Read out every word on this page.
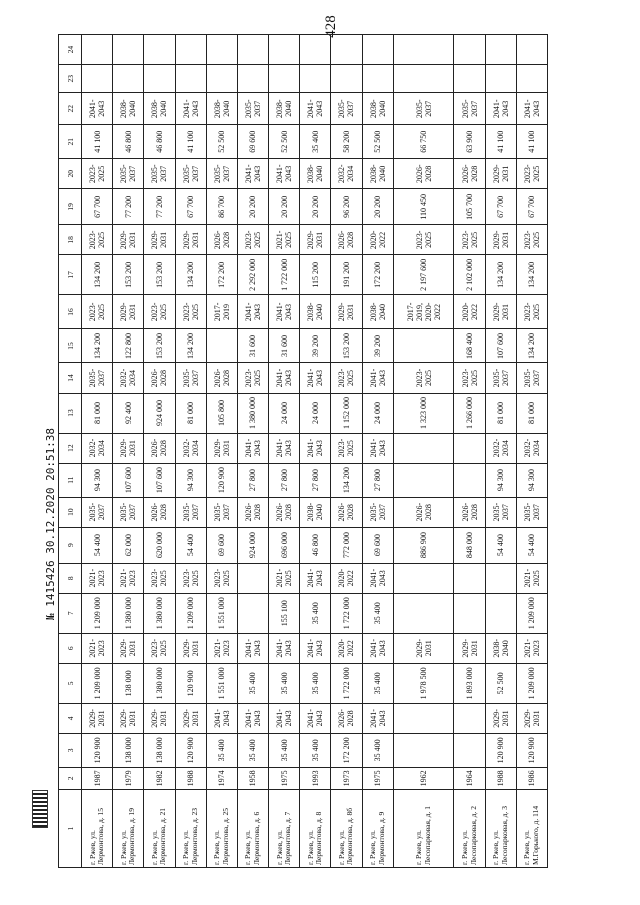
428
1	2	3	4	5	6	7	8	9	10	11	12	13	14	15	16	17	18	19	20	21	22	23	24
г. Ржев, ул. Лермонтова, д. 15	1987	120 900	2029-2031	1 209 000	2021-2023	1 209 000	2021-2023	54 400	2035-2037	94 300	2032-2034	81 000	2035-2037	134 200	2023-2025	134 200	2023-2025	67 700	2023-2025	41 100	2041-2043		
г. Ржев, ул. Лермонтова, д. 19	1979	138 000	2029-2031	138 000	2029-2031	1 380 000	2021-2023	62 000	2035-2037	107 600	2029-2031	92 400	2032-2034	122 800	2029-2031	153 200	2029-2031	77 200	2035-2037	46 800	2038-2040		
г. Ржев, ул. Лермонтова, д. 21	1982	138 000	2029-2031	1 380 000	2023-2025	1 380 000	2023-2025	620 000	2026-2028	107 600	2026-2028	924 000	2026-2028	153 200	2023-2025	153 200	2029-2031	77 200	2035-2037	46 800	2038-2040		
г. Ржев, ул. Лермонтова, д. 23	1988	120 900	2029-2031	120 900	2029-2031	1 209 000	2023-2025	54 400	2035-2037	94 300	2032-2034	81 000	2035-2037	134 200	2023-2025	134 200	2029-2031	67 700	2035-2037	41 100	2041-2043		
г. Ржев, ул. Лермонтова, д. 25	1974	35 400	2041-2043	1 551 000	2021-2023	1 551 000	2023-2025	69 600	2035-2037	120 900	2029-2031	105 800	2026-2028		2017-2019	172 200	2026-2028	86 700	2035-2037	52 500	2038-2040		
г. Ржев, ул. Лермонтова, д. 6	1958	35 400	2041-2043	35 400	2041-2043			924 000	2026-2028	27 800	2041-2043	1 380 000	2023-2025	31 600	2041-2043	2 292 000	2023-2025	20 200	2041-2043	69 600	2035-2037		
г. Ржев, ул. Лермонтова, д. 7	1975	35 400	2041-2043	35 400	2041-2043	155 100	2021-2025	696 000	2026-2028	27 800	2041-2043	24 000	2041-2043	31 600	2041-2043	1 722 000	2021-2025	20 200	2041-2043	52 500	2038-2040		
г. Ржев, ул. Лермонтова, д. 8	1993	35 400	2041-2043	35 400	2041-2043	35 400	2041-2043	46 800	2038-2040	27 800	2041-2043	24 000	2041-2043	39 200	2038-2040	115 200	2029-2031	20 200	2038-2040	35 400	2041-2043		
г. Ржев, ул. Лермонтова, д. 8б	1973	172 200	2026-2028	1 722 000	2020-2022	1 722 000	2020-2022	772 000	2026-2028	134 200	2023-2025	1 152 000	2023-2025	153 200	2029-2031	191 200	2026-2028	96 200	2032-2034	58 200	2035-2037		
г. Ржев, ул. Лермонтова, д. 9	1975	35 400	2041-2043	35 400	2041-2043	35 400	2041-2043	69 600	2035-2037	27 800	2041-2043	24 000	2041-2043	39 200	2038-2040	172 200	2020-2022	20 200	2038-2040	52 500	2038-2040		
г. Ржев, ул. Лесопарковая, д. 1	1962			1 978 500	2029-2031			886 900	2026-2028			1 323 000	2023-2025		2017-2019, 2020-2022	2 197 600	2023-2025	110 450	2026-2028	66 750	2035-2037		
г. Ржев, ул. Лесопарковая, д. 2	1964			1 893 000	2029-2031			848 000	2026-2028			1 266 000	2023-2025	168 400	2020-2022	2 102 000	2023-2025	105 700	2026-2028	63 900	2035-2037		
г. Ржев, ул. Лесопарковая, д. 3	1988	120 900	2029-2031	52 500	2038-2040			54 400	2035-2037	94 300	2032-2034	81 000	2035-2037	107 600	2029-2031	134 200	2029-2031	67 700	2029-2031	41 100	2041-2043		
г. Ржев, ул. М.Горького, д. 114	1986	120 900	2029-2031	1 209 000	2021-2023	1 209 000	2021-2025	54 400	2035-2037	94 300	2032-2034	81 000	2035-2037	134 200	2023-2025	134 200	2023-2025	67 700	2023-2025	41 100	2041-2043		
№ 1415426 30.12.2020 20:51:38
